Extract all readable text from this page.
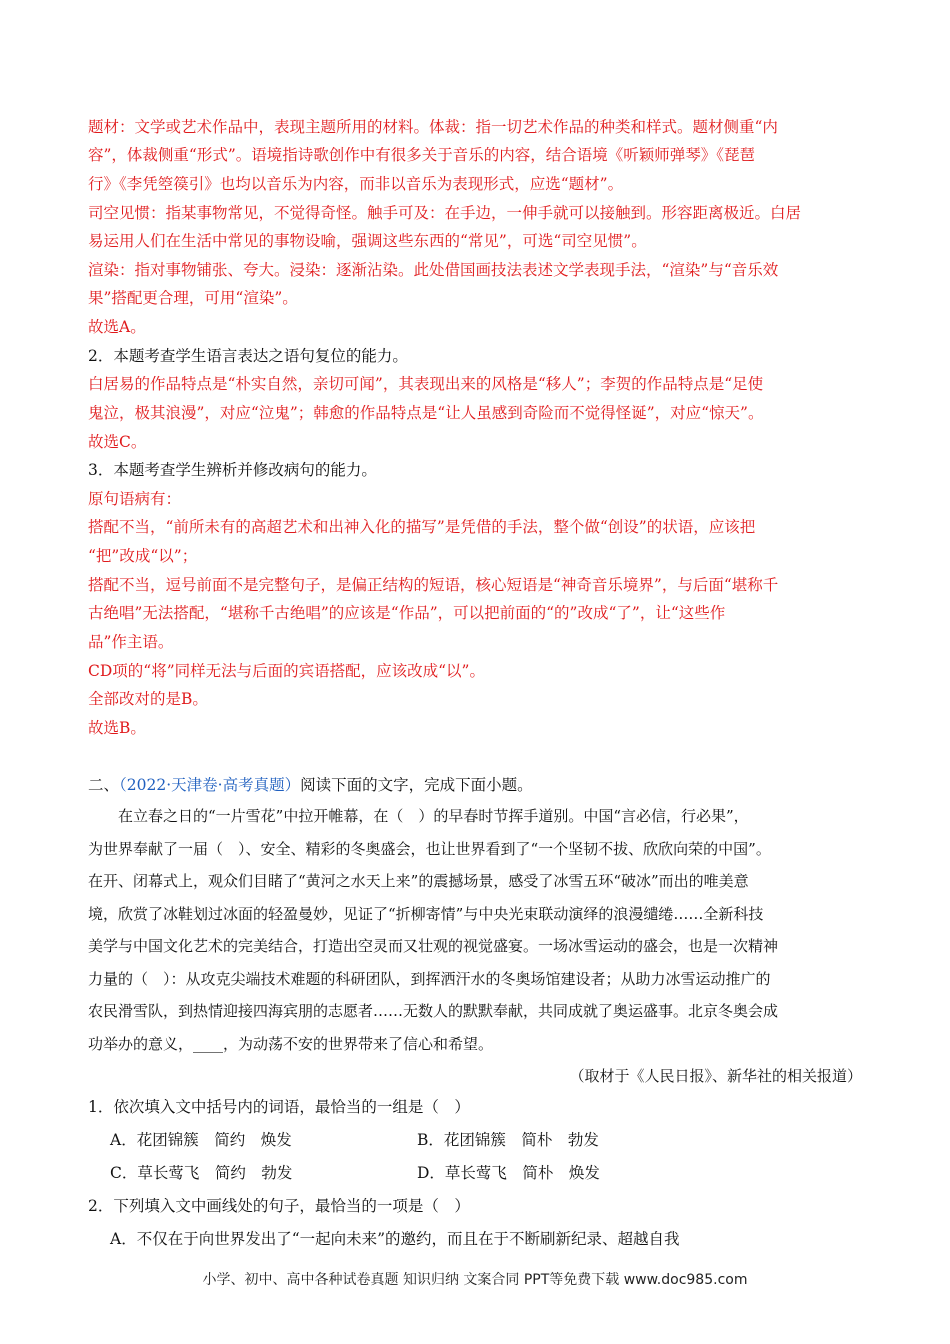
题材：文学或艺术作品中，表现主题所用的材料。体裁：指一切艺术作品的种类和样式。题材侧重“内
容”，体裁侧重“形式”。语境指诗歌创作中有很多关于音乐的内容，结合语境《听颖师弹琴》《琵琶
行》《李凭箜篌引》也均以音乐为内容，而非以音乐为表现形式，应选“题材”。
司空见惯：指某事物常见，不觉得奇怪。触手可及：在手边，一伸手就可以接触到。形容距离极近。白居
易运用人们在生活中常见的事物设喻，强调这些东西的“常见”，可选“司空见惯”。
渲染：指对事物铺张、夸大。浸染：逐渐沾染。此处借国画技法表述文学表现手法，“渲染”与“音乐效
果”搭配更合理，可用“渲染”。
故选A。
2．本题考查学生语言表达之语句复位的能力。
白居易的作品特点是“朴实自然，亲切可闻”，其表现出来的风格是“移人”；李贺的作品特点是“足使
鬼泣，极其浪漫”，对应“泣鬼”；韩愈的作品特点是“让人虽感到奇险而不觉得怪诞”，对应“惊天”。
故选C。
3．本题考查学生辨析并修改病句的能力。
原句语病有：
搭配不当，“前所未有的高超艺术和出神入化的描写”是凭借的手法，整个做“创设”的状语，应该把
“把”改成“以”；
搭配不当，逗号前面不是完整句子，是偏正结构的短语，核心短语是“神奇音乐境界”，与后面“堪称千
古绝唱”无法搭配，“堪称千古绝唱”的应该是“作品”，可以把前面的“的”改成“了”，让“这些作
品”作主语。
CD项的“将”同样无法与后面的宾语搭配，应该改成“以”。
全部改对的是B。
故选B。
二、（2022·天津卷·高考真题）阅读下面的文字，完成下面小题。
在立春之日的“一片雪花”中拉开帷幕，在（　）的早春时节挥手道别。中国“言必信，行必果”，
为世界奉献了一届（　）、安全、精彩的冬奥盛会，也让世界看到了“一个坚韧不拔、欣欣向荣的中国”。
在开、闭幕式上，观众们目睹了“黄河之水天上来”的震撼场景，感受了冰雪五环“破冰”而出的唯美意
境，欣赏了冰鞋划过冰面的轻盈曼妙，见证了“折柳寄情”与中央光束联动演绎的浪漫缱绻……全新科技
美学与中国文化艺术的完美结合，打造出空灵而又壮观的视觉盛宴。一场冰雪运动的盛会，也是一次精神
力量的（　）：从攻克尖端技术难题的科研团队，到挥洒汗水的冬奥场馆建设者；从助力冰雪运动推广的
农民滑雪队，到热情迎接四海宾朋的志愿者……无数人的默默奉献，共同成就了奥运盛事。北京冬奥会成
功举办的意义，____，为动荡不安的世界带来了信心和希望。
（取材于《人民日报》、新华社的相关报道）
1．依次填入文中括号内的词语，最恰当的一组是（　）
A．花团锦簇　简约　焕发	B．花团锦簇　简朴　勃发
C．草长莺飞　简约　勃发	D．草长莺飞　简朴　焕发
2．下列填入文中画线处的句子，最恰当的一项是（　）
A．不仅在于向世界发出了“一起向未来”的邀约，而且在于不断刷新纪录、超越自我
小学、初中、高中各种试卷真题 知识归纳 文案合同 PPT等免费下载 www.doc985.com
